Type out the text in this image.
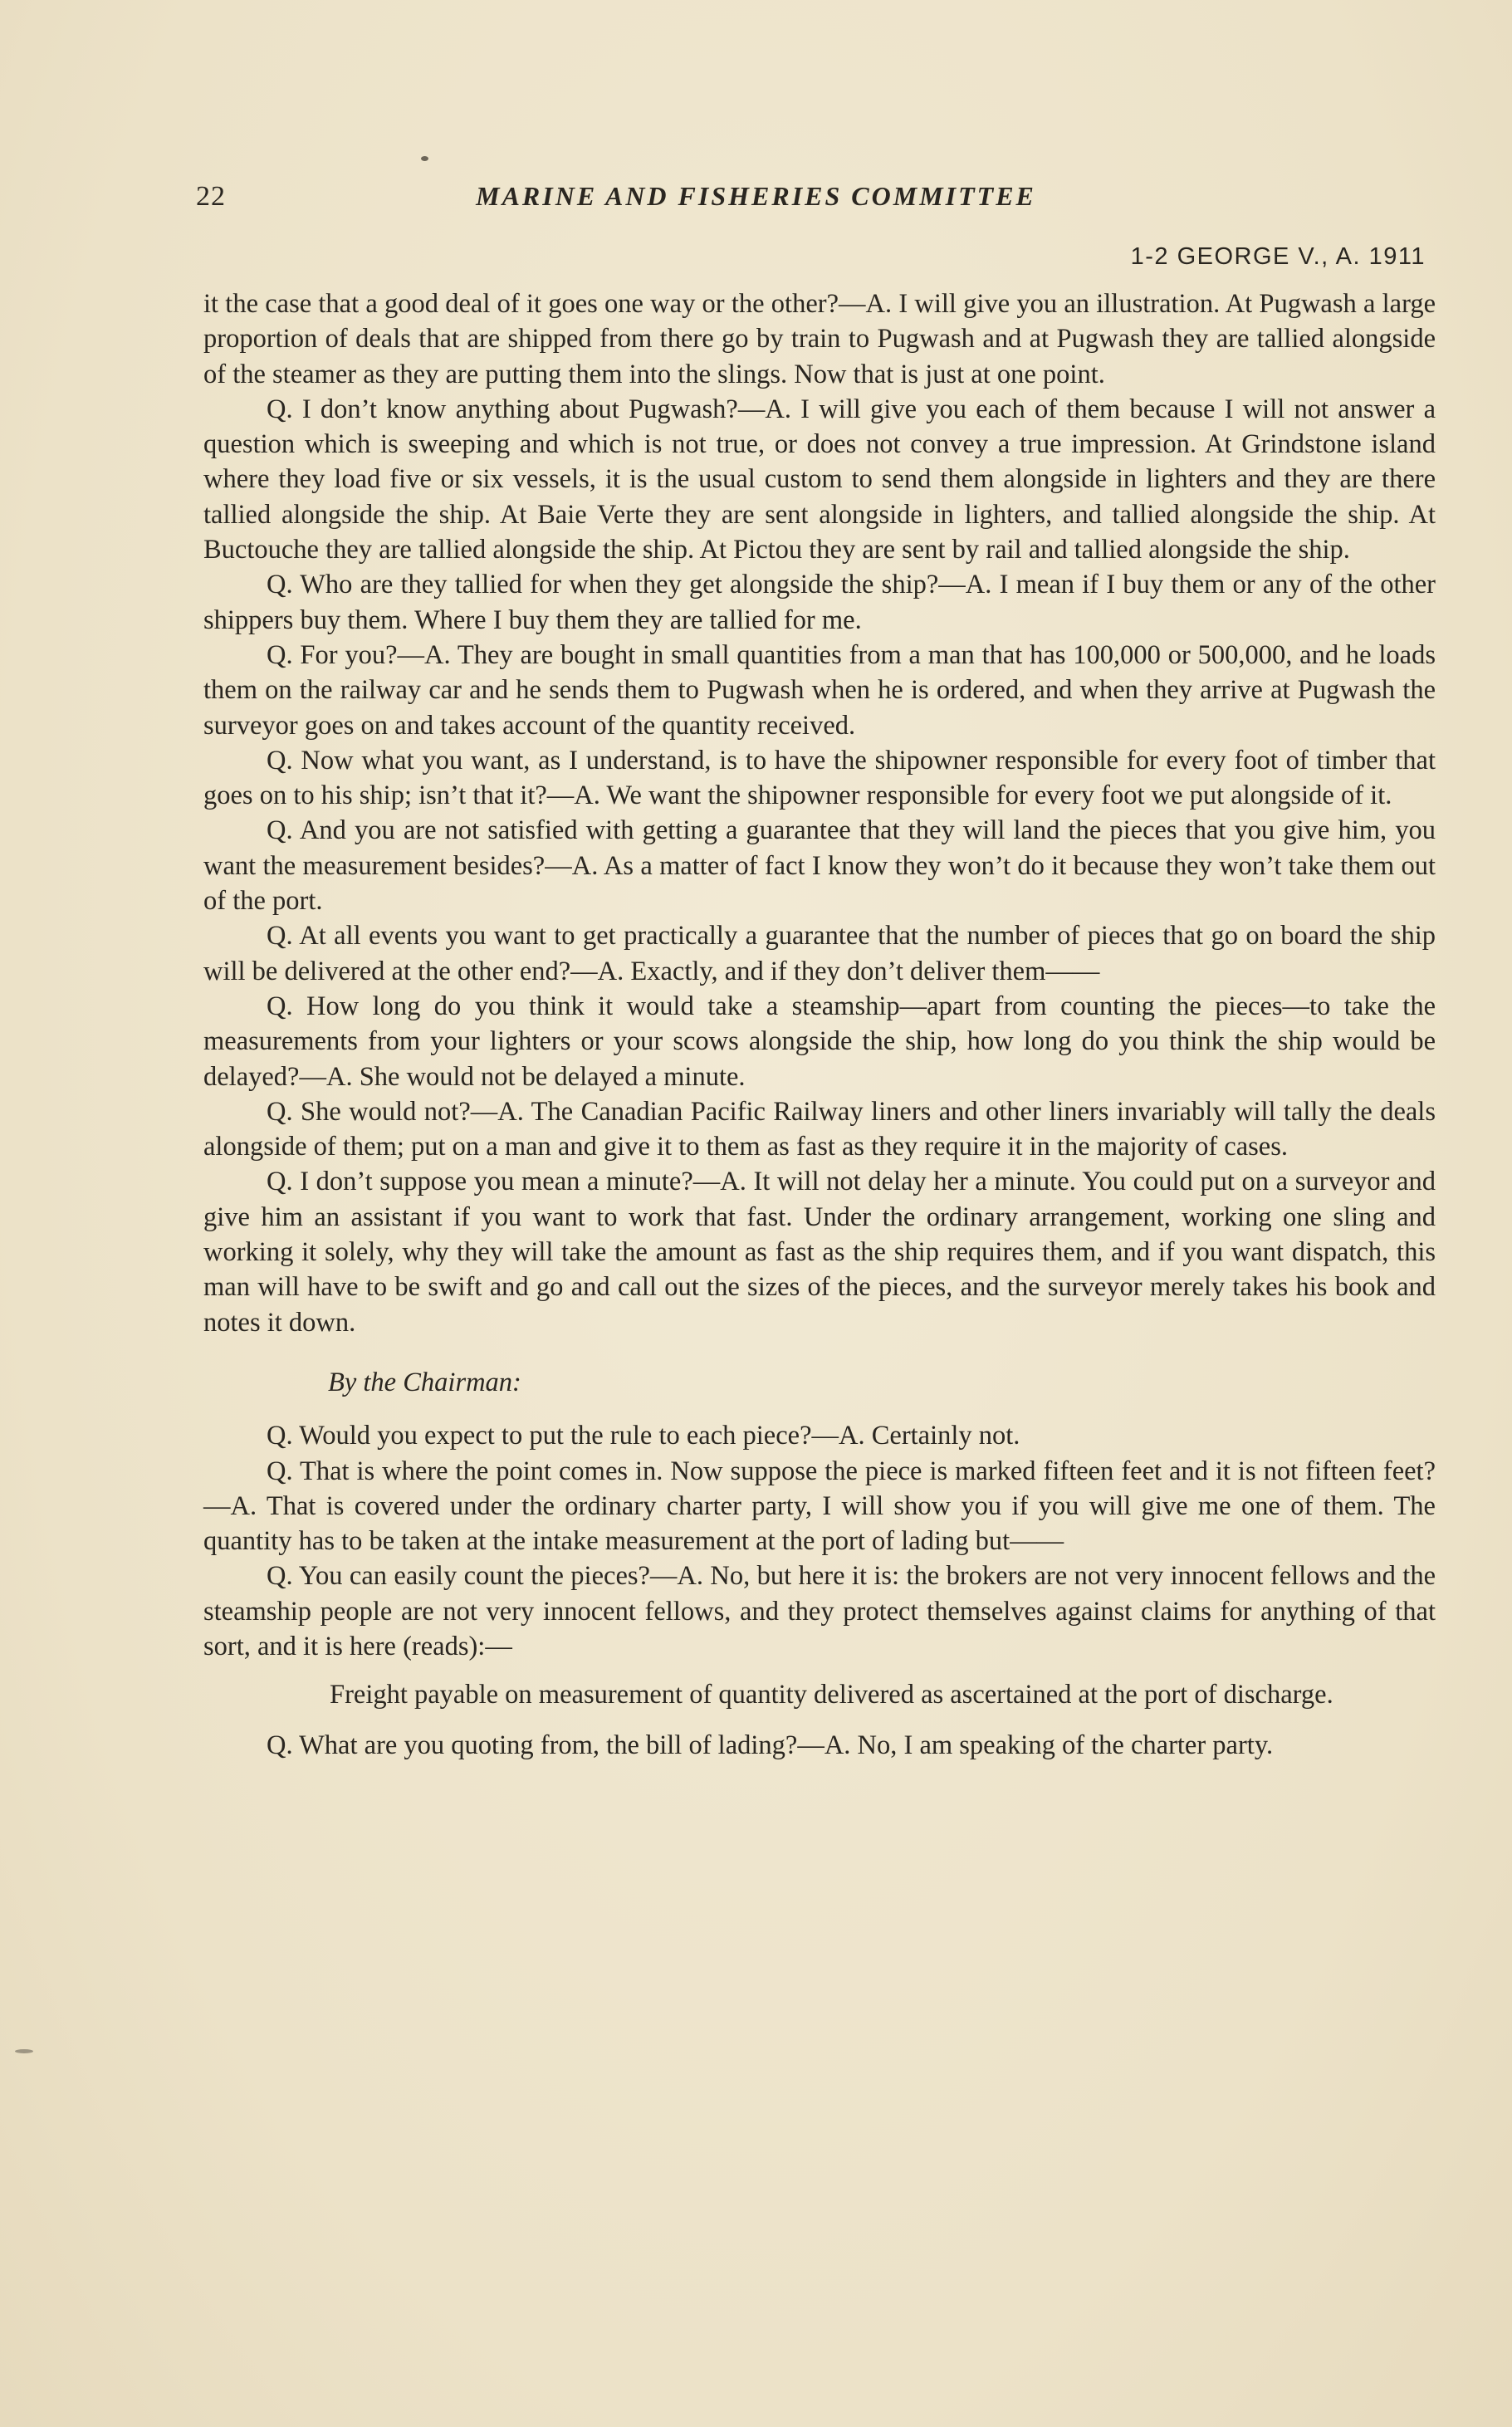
22	MARINE AND FISHERIES COMMITTEE
1-2 GEORGE V., A. 1911

it the case that a good deal of it goes one way or the other?—A. I will give you an illustration. At Pugwash a large proportion of deals that are shipped from there go by train to Pugwash and at Pugwash they are tallied alongside of the steamer as they are putting them into the slings. Now that is just at one point.

Q. I don’t know anything about Pugwash?—A. I will give you each of them because I will not answer a question which is sweeping and which is not true, or does not convey a true impression. At Grindstone island where they load five or six vessels, it is the usual custom to send them alongside in lighters and they are there tallied alongside the ship. At Baie Verte they are sent alongside in lighters, and tallied alongside the ship. At Buctouche they are tallied alongside the ship. At Pictou they are sent by rail and tallied alongside the ship.

Q. Who are they tallied for when they get alongside the ship?—A. I mean if I buy them or any of the other shippers buy them. Where I buy them they are tallied for me.

Q. For you?—A. They are bought in small quantities from a man that has 100,000 or 500,000, and he loads them on the railway car and he sends them to Pugwash when he is ordered, and when they arrive at Pugwash the surveyor goes on and takes account of the quantity received.

Q. Now what you want, as I understand, is to have the shipowner responsible for every foot of timber that goes on to his ship; isn’t that it?—A. We want the shipowner responsible for every foot we put alongside of it.

Q. And you are not satisfied with getting a guarantee that they will land the pieces that you give him, you want the measurement besides?—A. As a matter of fact I know they won’t do it because they won’t take them out of the port.

Q. At all events you want to get practically a guarantee that the number of pieces that go on board the ship will be delivered at the other end?—A. Exactly, and if they don’t deliver them——

Q. How long do you think it would take a steamship—apart from counting the pieces—to take the measurements from your lighters or your scows alongside the ship, how long do you think the ship would be delayed?—A. She would not be delayed a minute.

Q. She would not?—A. The Canadian Pacific Railway liners and other liners invariably will tally the deals alongside of them; put on a man and give it to them as fast as they require it in the majority of cases.

Q. I don’t suppose you mean a minute?—A. It will not delay her a minute. You could put on a surveyor and give him an assistant if you want to work that fast. Under the ordinary arrangement, working one sling and working it solely, why they will take the amount as fast as the ship requires them, and if you want dispatch, this man will have to be swift and go and call out the sizes of the pieces, and the surveyor merely takes his book and notes it down.

By the Chairman:

Q. Would you expect to put the rule to each piece?—A. Certainly not.

Q. That is where the point comes in. Now suppose the piece is marked fifteen feet and it is not fifteen feet?—A. That is covered under the ordinary charter party, I will show you if you will give me one of them. The quantity has to be taken at the intake measurement at the port of lading but——

Q. You can easily count the pieces?—A. No, but here it is: the brokers are not very innocent fellows and the steamship people are not very innocent fellows, and they protect themselves against claims for anything of that sort, and it is here (reads):—

Freight payable on measurement of quantity delivered as ascertained at the port of discharge.

Q. What are you quoting from, the bill of lading?—A. No, I am speaking of the charter party.
